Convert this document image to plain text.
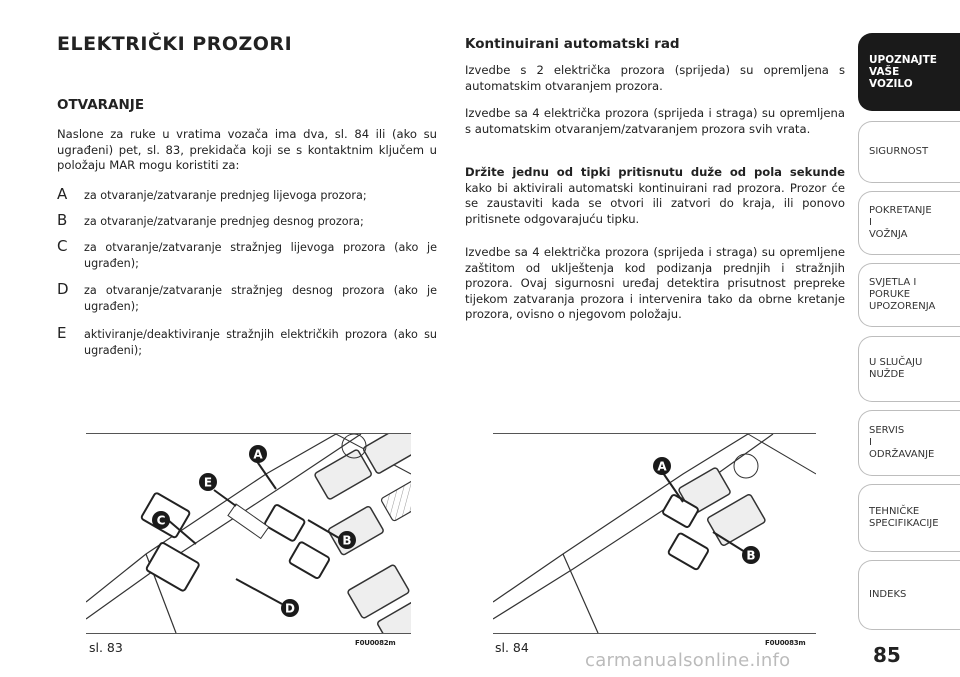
ELEKTRIČKI PROZORI
OTVARANJE
Naslone za ruke u vratima vozača ima dva, sl. 84 ili (ako su ugrađeni) pet, sl. 83, prekidača koji se s kontaktnim ključem u položaju MAR mogu koristiti za:
A za otvaranje/zatvaranje prednjeg lijevoga prozora;
B za otvaranje/zatvaranje prednjeg desnog prozora;
C za otvaranje/zatvaranje stražnjeg lijevoga prozora (ako je ugrađen);
D za otvaranje/zatvaranje stražnjeg desnog prozora (ako je ugrađen);
E aktiviranje/deaktiviranje stražnjih električkih prozora (ako su ugrađeni);
Kontinuirani automatski rad
Izvedbe s 2 električka prozora (sprijeda) su opremljena s automatskim otvaranjem prozora.
Izvedbe sa 4 električka prozora (sprijeda i straga) su opremljena s automatskim otvaranjem/zatvaranjem prozora svih vrata.
Držite jednu od tipki pritisnutu duže od pola sekunde kako bi aktivirali automatski kontinuirani rad prozora. Prozor će se zaustaviti kada se otvori ili zatvori do kraja, ili ponovo pritisnete odgovarajuću tipku.
Izvedbe sa 4 električka prozora (sprijeda i straga) su opremljene zaštitom od uklještenja kod podizanja prednjih i stražnjih prozora. Ovaj sigurnosni uređaj detektira prisutnost prepreke tijekom zatvaranja prozora i intervenira tako da obrne kretanje prozora, ovisno o njegovom položaju.
A
E
C
B
D
sl. 83	F0U0082m
A
B
sl. 84	F0U0083m
UPOZNAJTE
VAŠE
VOZILO
SIGURNOST
POKRETANJE
I
VOŽNJA
SVJETLA I
PORUKE
UPOZORENJA
U SLUČAJU
NUŽDE
SERVIS
I
ODRŽAVANJE
TEHNIČKE
SPECIFIKACIJE
INDEKS
85
carmanualsonline.info
